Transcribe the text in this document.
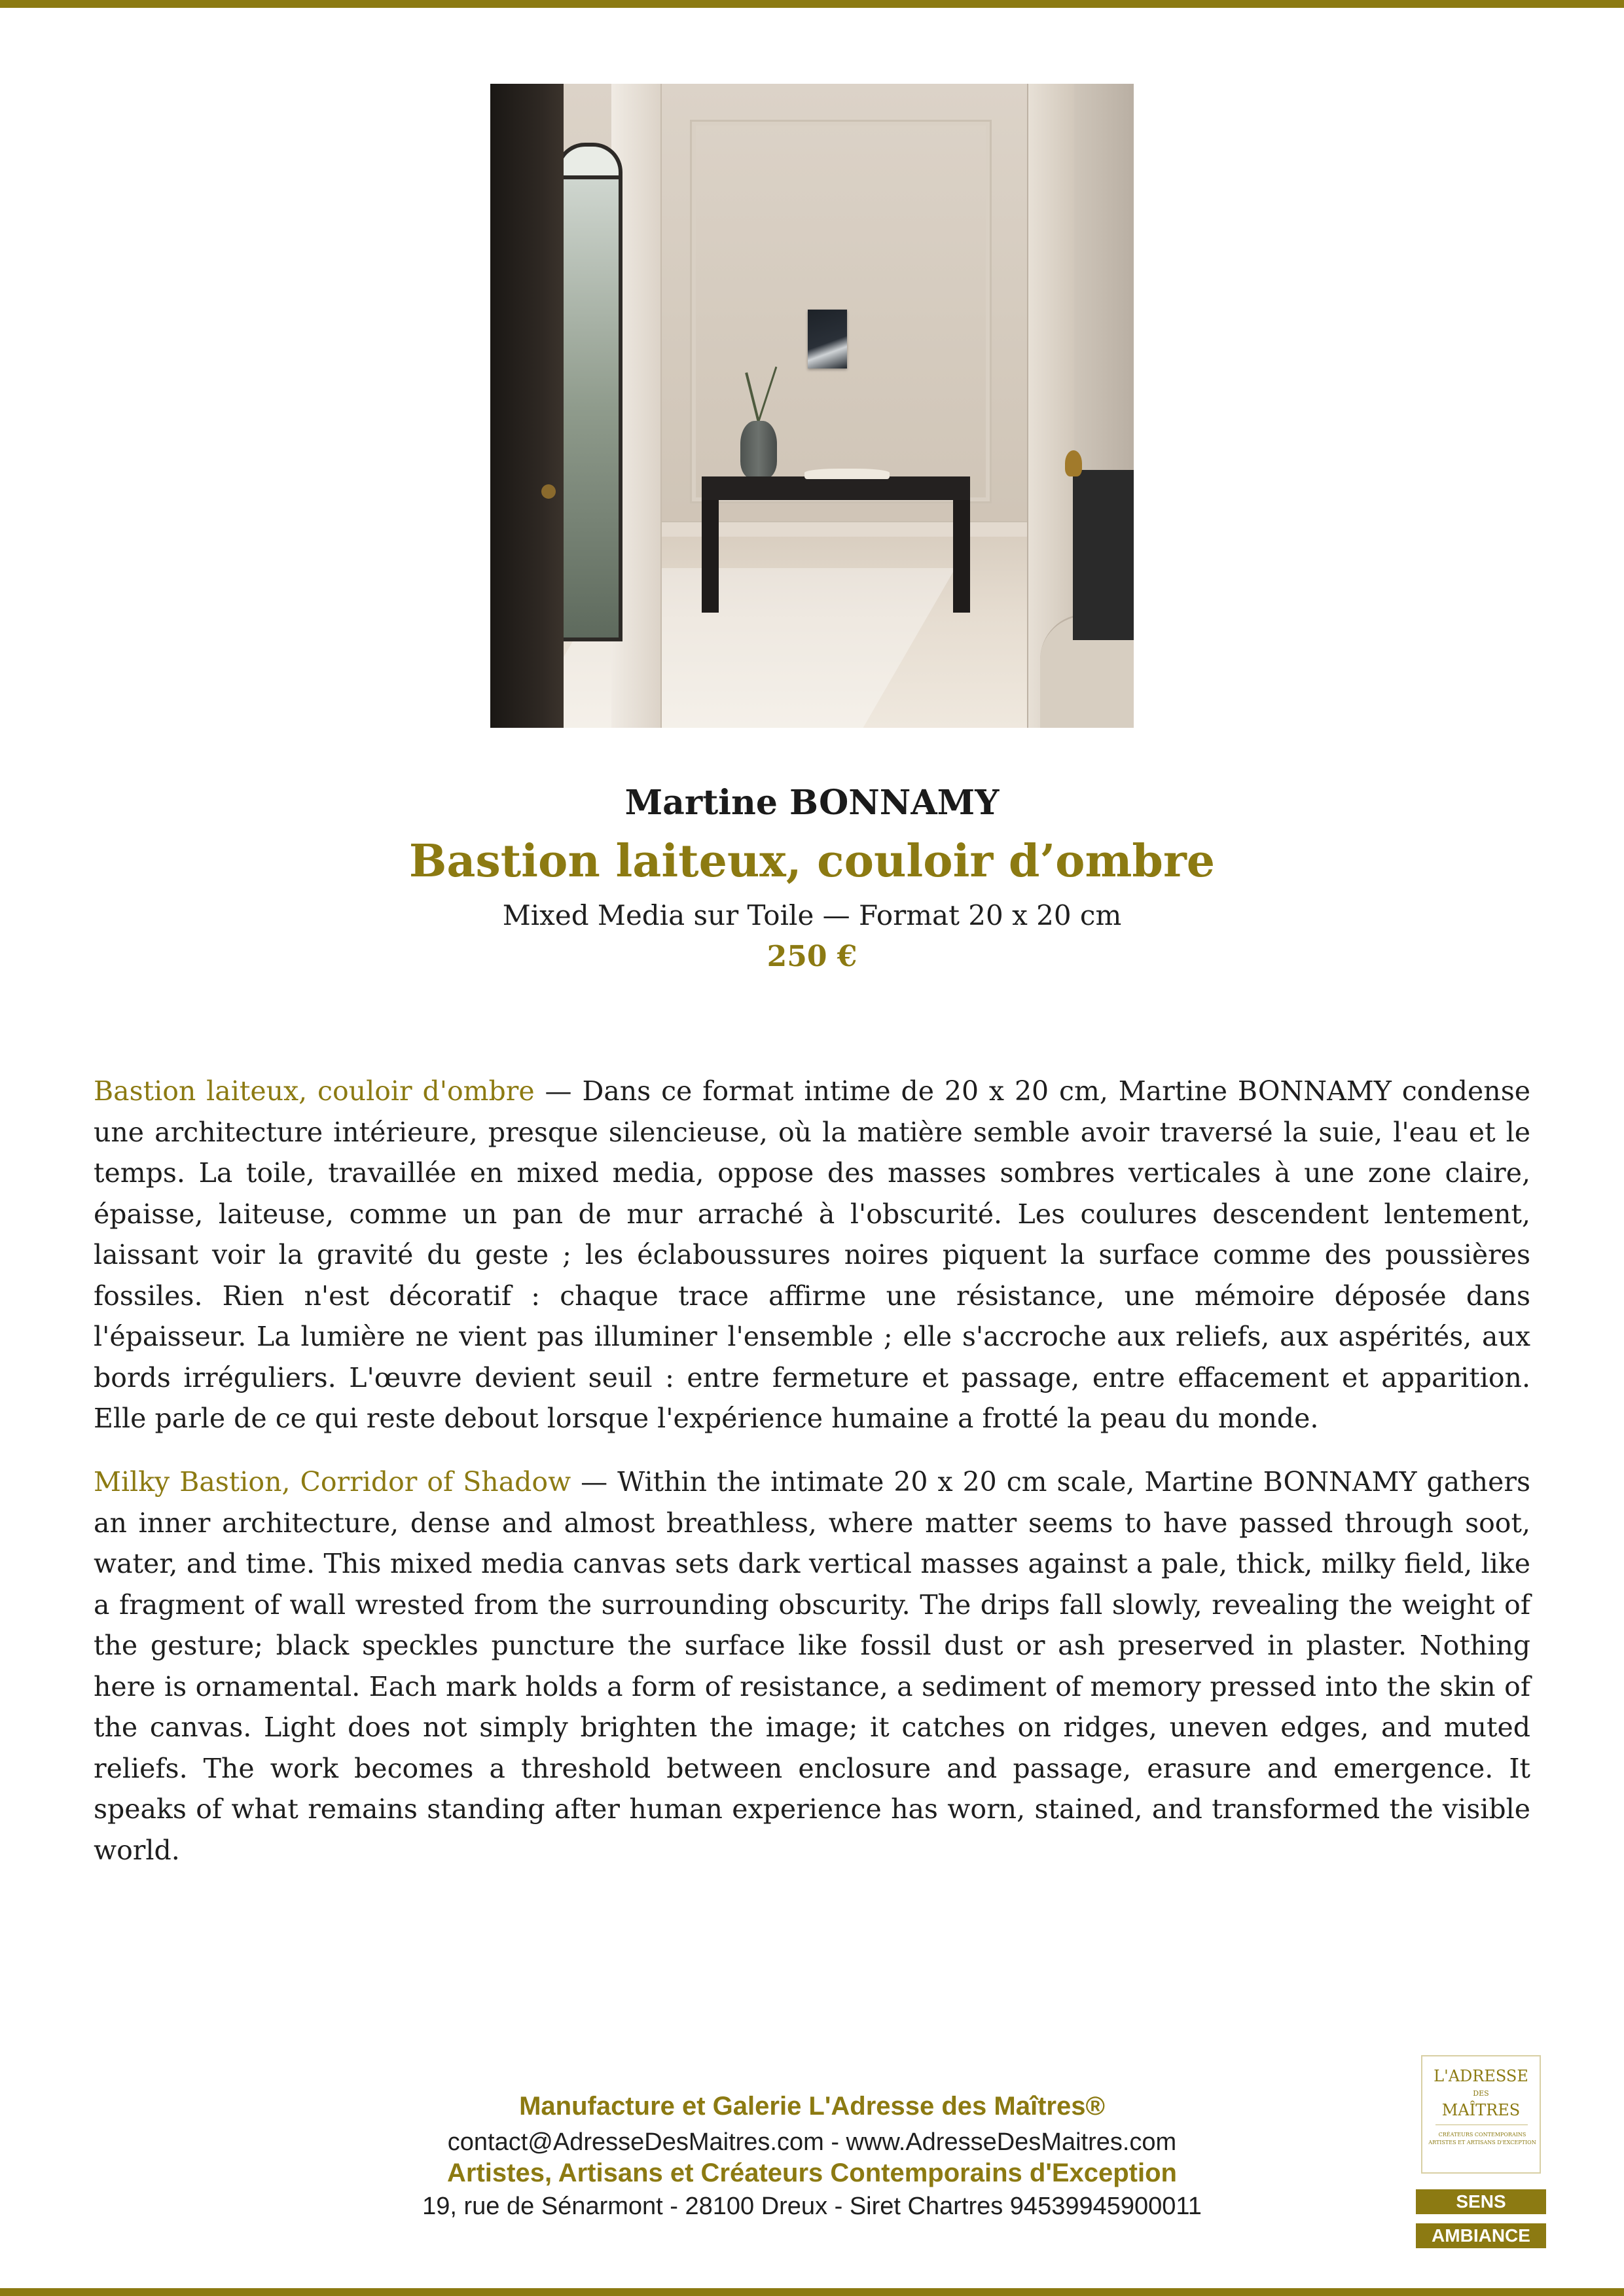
Martine BONNAMY
Bastion laiteux, couloir d’ombre
Mixed Media sur Toile — Format 20 x 20 cm
250 €

Bastion laiteux, couloir d'ombre — Dans ce format intime de 20 x 20 cm, Martine BONNAMY condense une architecture intérieure, presque silencieuse, où la matière semble avoir traversé la suie, l'eau et le temps. La toile, travaillée en mixed media, oppose des masses sombres verticales à une zone claire, épaisse, laiteuse, comme un pan de mur arraché à l'obscurité. Les coulures descendent lentement, laissant voir la gravité du geste ; les éclaboussures noires piquent la surface comme des poussières fossiles. Rien n'est décoratif : chaque trace affirme une résistance, une mémoire déposée dans l'épaisseur. La lumière ne vient pas illuminer l'ensemble ; elle s'accroche aux reliefs, aux aspérités, aux bords irréguliers. L'œuvre devient seuil : entre fermeture et passage, entre effacement et apparition. Elle parle de ce qui reste debout lorsque l'expérience humaine a frotté la peau du monde.

Milky Bastion, Corridor of Shadow — Within the intimate 20 x 20 cm scale, Martine BONNAMY gathers an inner architecture, dense and almost breathless, where matter seems to have passed through soot, water, and time. This mixed media canvas sets dark vertical masses against a pale, thick, milky field, like a fragment of wall wrested from the surrounding obscurity. The drips fall slowly, revealing the weight of the gesture; black speckles puncture the surface like fossil dust or ash preserved in plaster. Nothing here is ornamental. Each mark holds a form of resistance, a sediment of memory pressed into the skin of the canvas. Light does not simply brighten the image; it catches on ridges, uneven edges, and muted reliefs. The work becomes a threshold between enclosure and passage, erasure and emergence. It speaks of what remains standing after human experience has worn, stained, and transformed the visible world.

Manufacture et Galerie L'Adresse des Maîtres®
contact@AdresseDesMaitres.com - www.AdresseDesMaitres.com
Artistes, Artisans et Créateurs Contemporains d'Exception
19, rue de Sénarmont - 28100 Dreux - Siret Chartres 94539945900011
L'ADRESSE
DES
MAÎTRES
CRÉATEURS CONTEMPORAINS ARTISTES ET ARTISANS D'EXCEPTION
SENS
AMBIANCE
